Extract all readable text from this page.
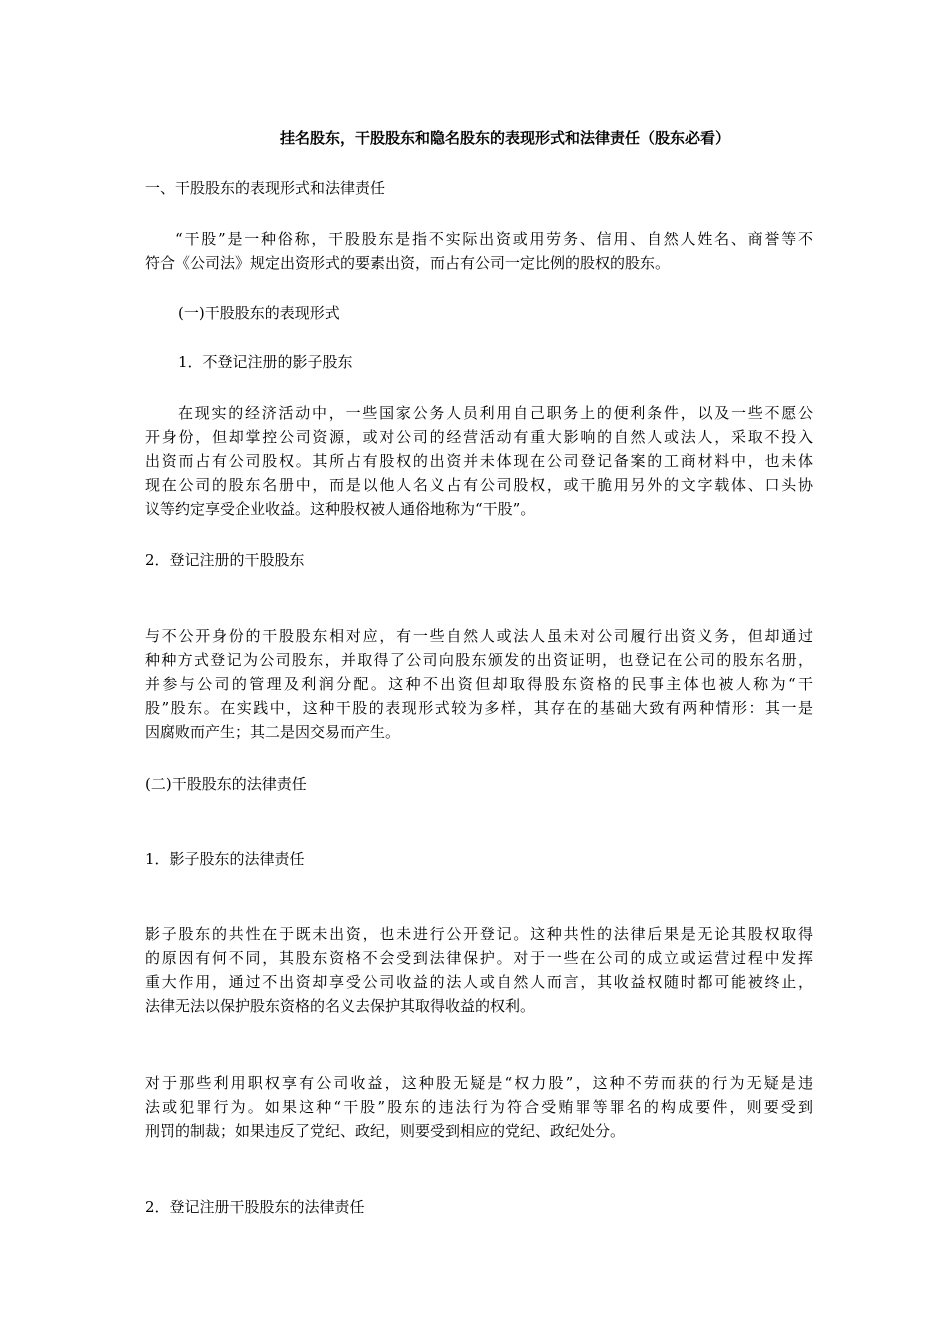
挂名股东，干股股东和隐名股东的表现形式和法律责任（股东必看）
一、干股股东的表现形式和法律责任
“干股”是一种俗称，干股股东是指不实际出资或用劳务、信用、自然人姓名、商誉等不
符合《公司法》规定出资形式的要素出资，而占有公司一定比例的股权的股东。
(一)干股股东的表现形式
1．不登记注册的影子股东
在现实的经济活动中，一些国家公务人员利用自己职务上的便利条件，以及一些不愿公
开身份，但却掌控公司资源，或对公司的经营活动有重大影响的自然人或法人，采取不投入
出资而占有公司股权。其所占有股权的出资并未体现在公司登记备案的工商材料中，也未体
现在公司的股东名册中，而是以他人名义占有公司股权，或干脆用另外的文字载体、口头协
议等约定享受企业收益。这种股权被人通俗地称为“干股”。
2．登记注册的干股股东
与不公开身份的干股股东相对应，有一些自然人或法人虽未对公司履行出资义务，但却通过
种种方式登记为公司股东，并取得了公司向股东颁发的出资证明，也登记在公司的股东名册，
并参与公司的管理及利润分配。这种不出资但却取得股东资格的民事主体也被人称为“干
股”股东。在实践中，这种干股的表现形式较为多样，其存在的基础大致有两种情形：其一是
因腐败而产生；其二是因交易而产生。
(二)干股股东的法律责任
1．影子股东的法律责任
影子股东的共性在于既未出资，也未进行公开登记。这种共性的法律后果是无论其股权取得
的原因有何不同，其股东资格不会受到法律保护。对于一些在公司的成立或运营过程中发挥
重大作用，通过不出资却享受公司收益的法人或自然人而言，其收益权随时都可能被终止，
法律无法以保护股东资格的名义去保护其取得收益的权利。
对于那些利用职权享有公司收益，这种股无疑是“权力股”，这种不劳而获的行为无疑是违
法或犯罪行为。如果这种“干股”股东的违法行为符合受贿罪等罪名的构成要件，则要受到
刑罚的制裁；如果违反了党纪、政纪，则要受到相应的党纪、政纪处分。
2．登记注册干股股东的法律责任
